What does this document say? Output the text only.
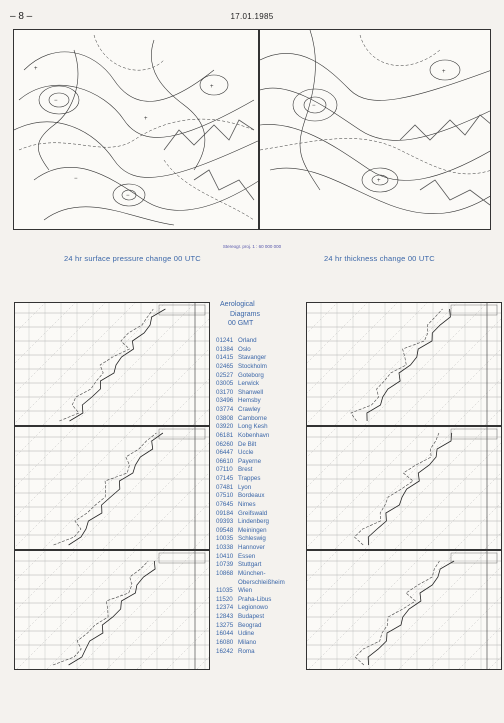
– 8 –	17.01.1985
−
−
+
+
+
−
−
+
+
Stereogr. proj. 1 : 60 000 000
24 hr surface pressure change 00 UTC	24 hr thickness change 00 UTC
Aerological
Diagrams
00 GMT
01241 Orland
01384 Oslo
01415 Stavanger
02465 Stockholm
02527 Goteborg
03005 Lerwick
03170 Shanwell
03496 Hemsby
03774 Crawley
03808 Camborne
03920 Long Kesh
06181 Kobenhavn
06260 De Bilt
06447 Uccle
06610 Payerne
07110 Brest
07145 Trappes
07481 Lyon
07510 Bordeaux
07645 Nimes
09184 Greifswald
09393 Lindenberg
09548 Meiningen
10035 Schleswig
10338 Hannover
10410 Essen
10739 Stuttgart
10868 München-
Oberschleißheim
11035 Wien
11520 Praha-Libus
12374 Legionowo
12843 Budapest
13275 Beograd
16044 Udine
16080 Milano
16242 Roma
